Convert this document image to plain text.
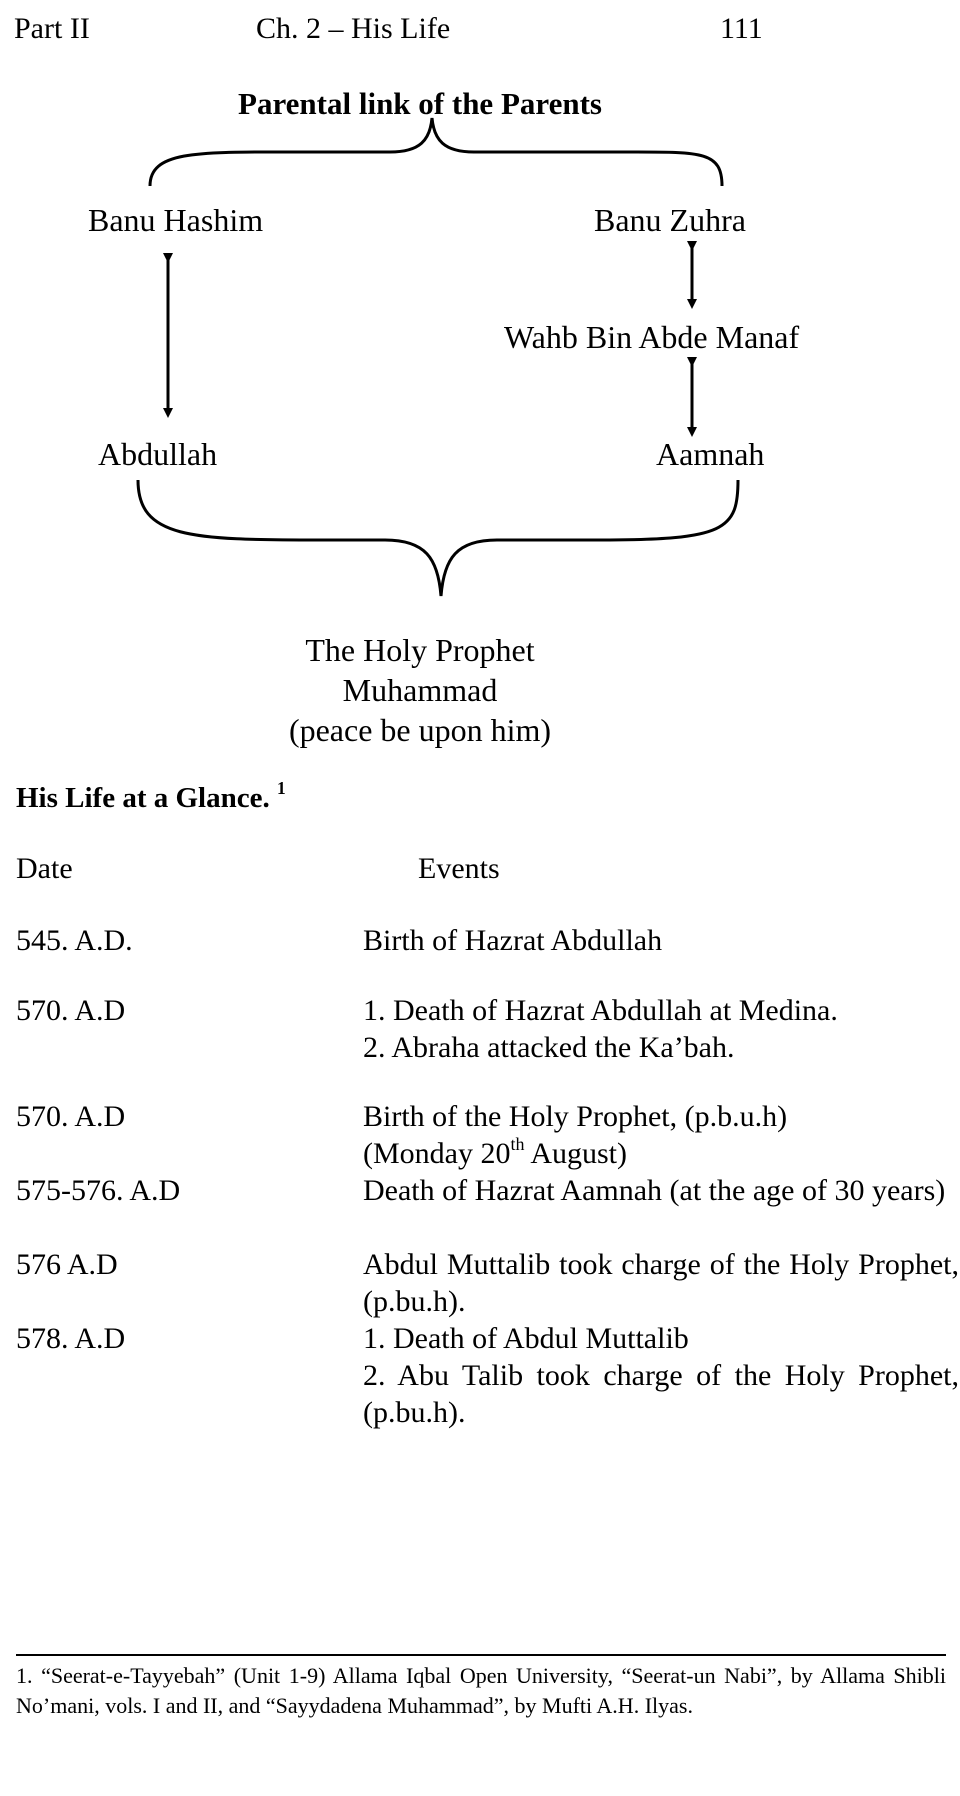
Part II	Ch. 2 – His Life	111
Parental link of the Parents
Banu Hashim	Banu Zuhra
Wahb Bin Abde Manaf
Abdullah	Aamnah
The Holy Prophet
Muhammad
(peace be upon him)
His Life at a Glance. $^1$
Date	Events
545. A.D.	Birth of Hazrat Abdullah
570. A.D	1. Death of Hazrat Abdullah at Medina.
2. Abraha attacked the Ka’bah.
570. A.D	Birth of the Holy Prophet, (p.b.u.h)
(Monday 20th August)
575-576. A.D	Death of Hazrat Aamnah (at the age of 30 years)
576 A.D	Abdul Muttalib took charge of the Holy Prophet, (p.bu.h).
578. A.D	1. Death of Abdul Muttalib
2. Abu Talib took charge of the Holy Prophet, (p.bu.h).
1. “Seerat-e-Tayyebah” (Unit 1-9) Allama Iqbal Open University, “Seerat-un Nabi”, by Allama Shibli No’mani, vols. I and II, and “Sayydadena Muhammad”, by Mufti A.H. Ilyas.
